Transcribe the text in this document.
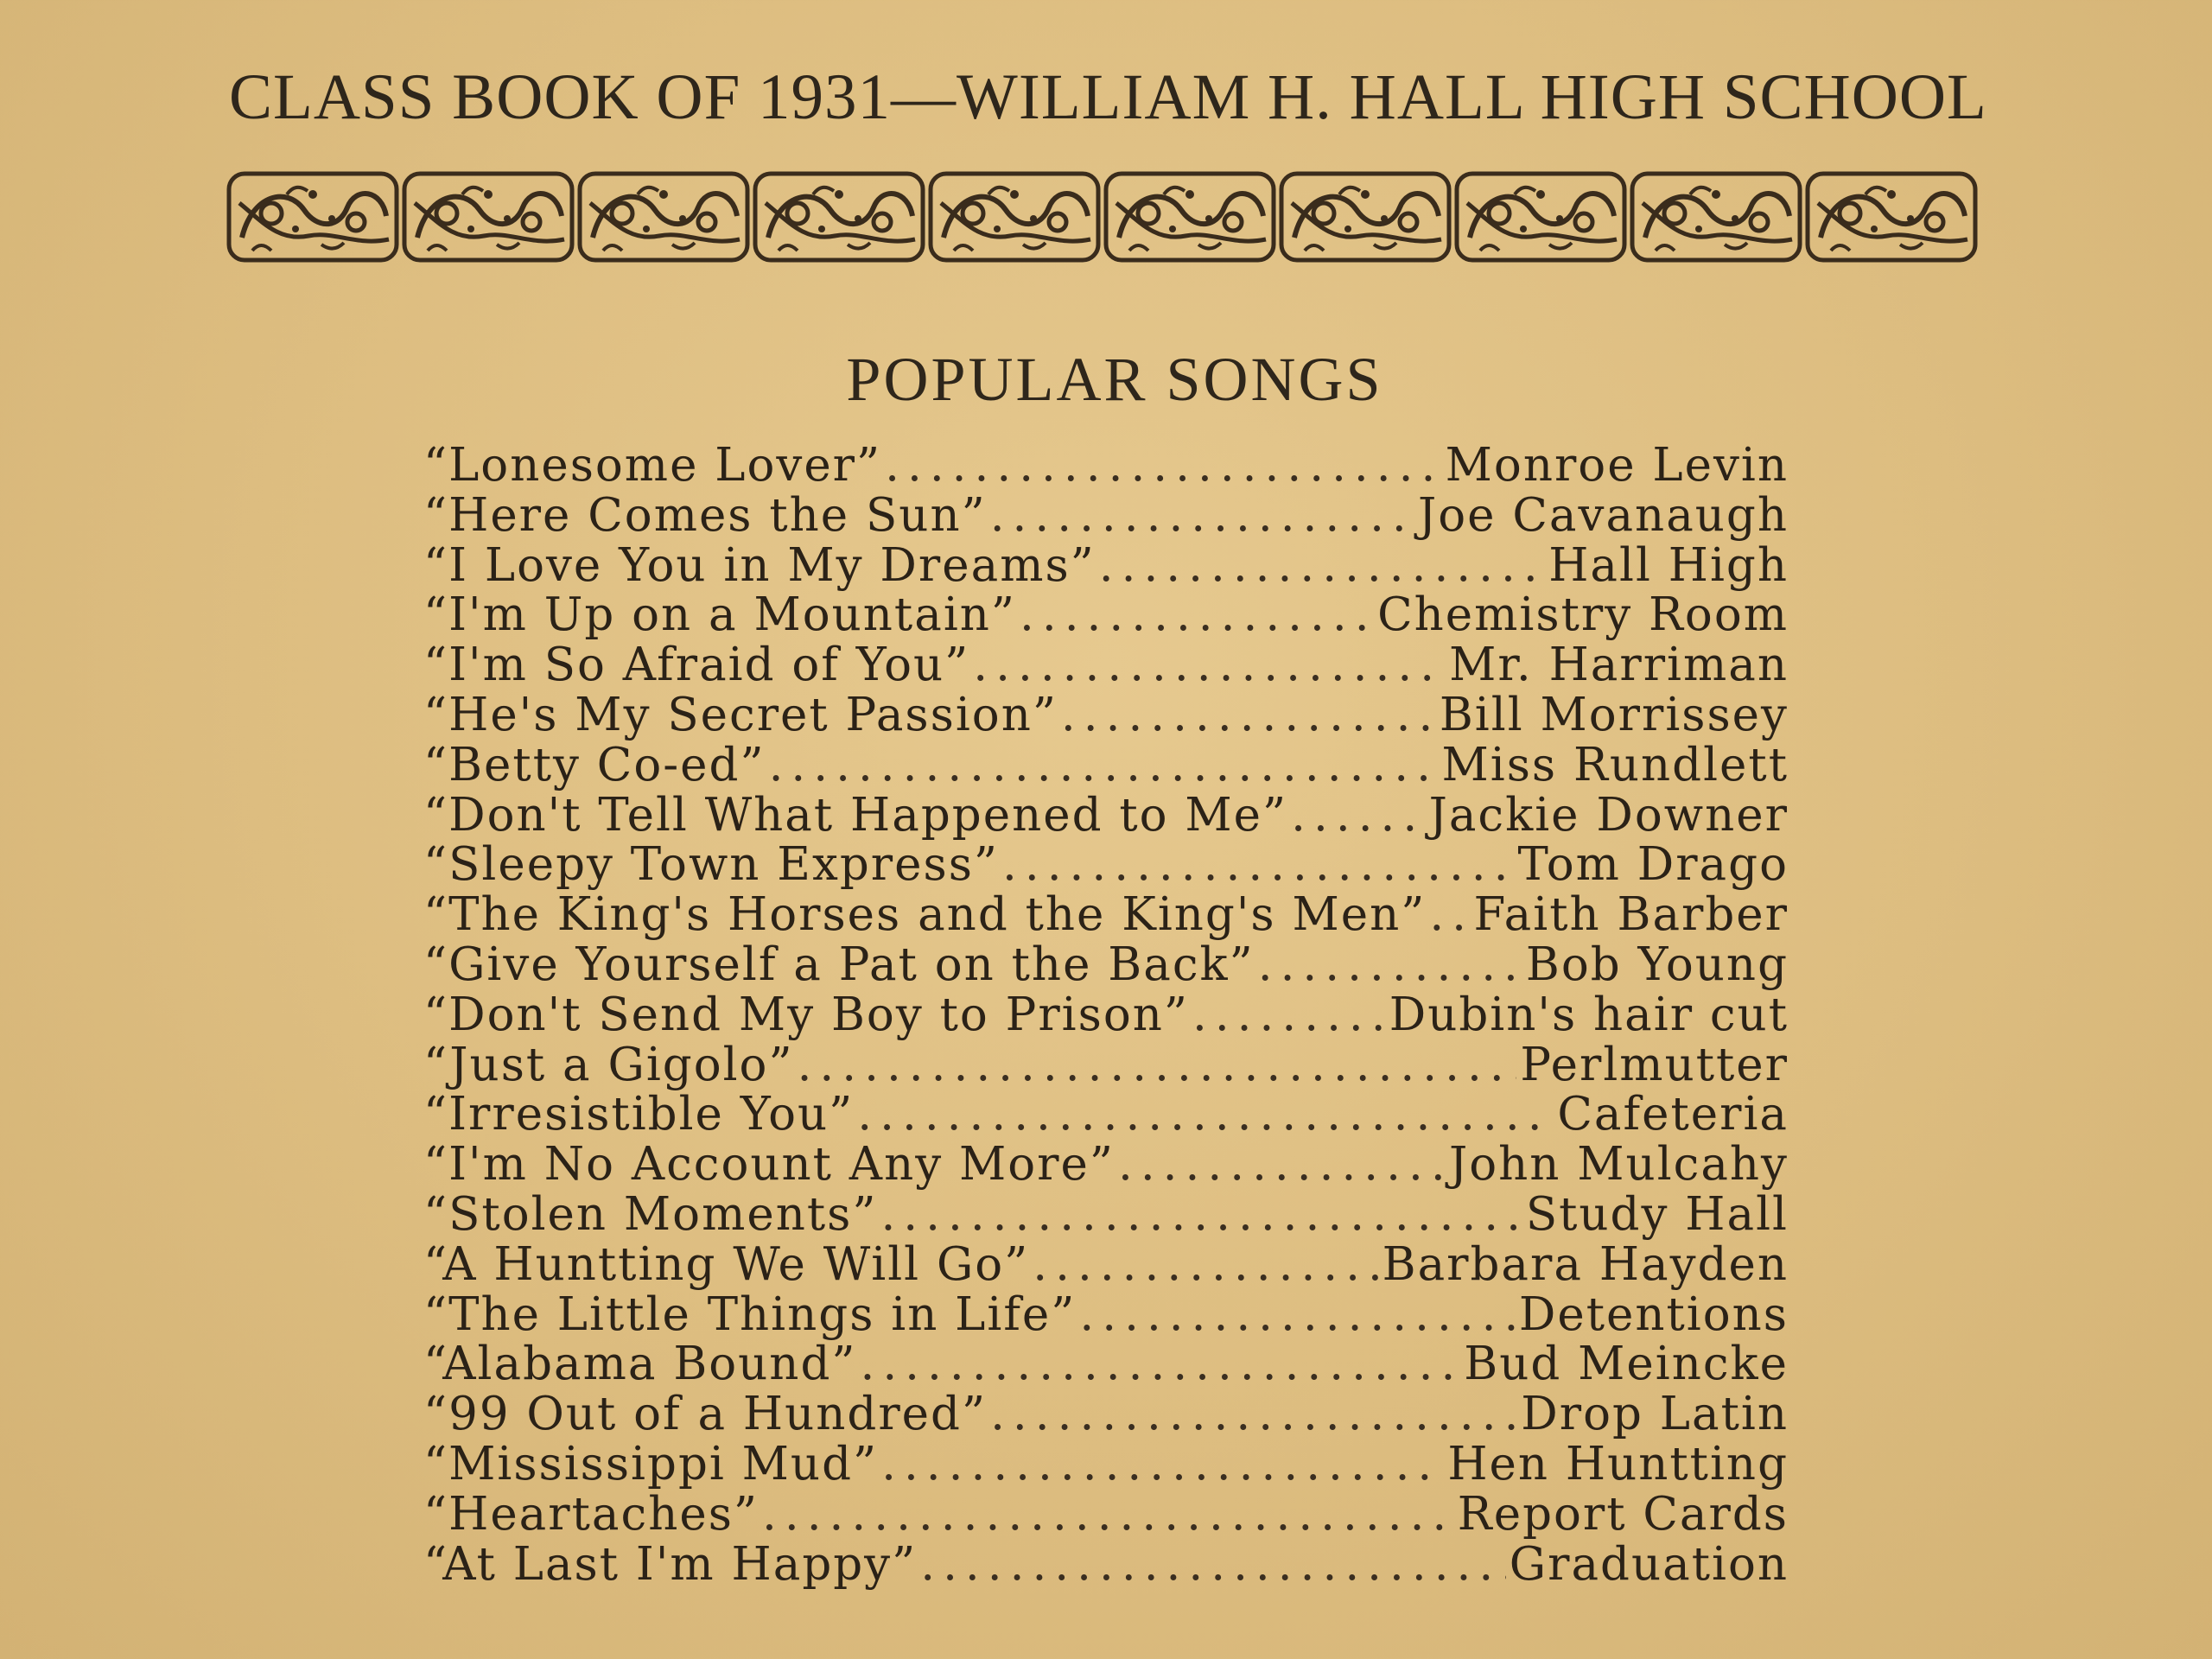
CLASS BOOK OF 1931—WILLIAM H. HALL HIGH SCHOOL
POPULAR SONGS
“Lonesome Lover” .....	Monroe Levin
“Here Comes the Sun” .....	Joe Cavanaugh
“I Love You in My Dreams” .....	Hall High
“I'm Up on a Mountain” .....	Chemistry Room
“I'm So Afraid of You” .....	Mr. Harriman
“He's My Secret Passion” .....	Bill Morrissey
“Betty Co-ed” .....	Miss Rundlett
“Don't Tell What Happened to Me” .....	Jackie Downer
“Sleepy Town Express” .....	Tom Drago
“The King's Horses and the King's Men” ..... Faith Barber
“Give Yourself a Pat on the Back” .....	Bob Young
“Don't Send My Boy to Prison” .....	Dubin's hair cut
“Just a Gigolo” .....	Perlmutter
“Irresistible You” .....	Cafeteria
“I'm No Account Any More” .....	John Mulcahy
“Stolen Moments” .....	Study Hall
“A Huntting We Will Go” .....	Barbara Hayden
“The Little Things in Life” .....	Detentions
“Alabama Bound” .....	Bud Meincke
“99 Out of a Hundred” .....	Drop Latin
“Mississippi Mud” .....	Hen Huntting
“Heartaches” .....	Report Cards
“At Last I'm Happy” .....	Graduation
